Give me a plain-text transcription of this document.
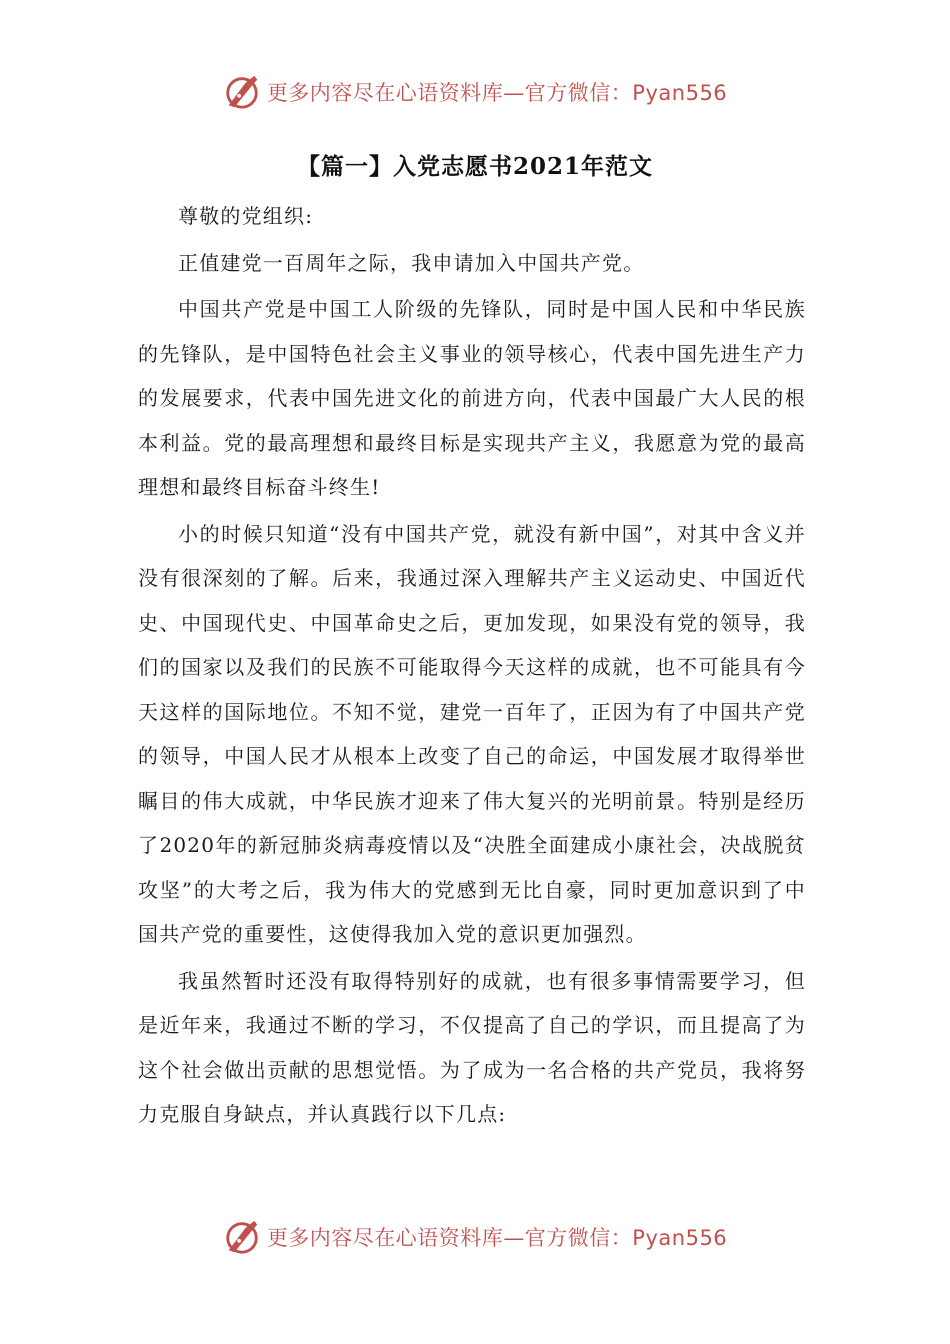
更多内容尽在心语资料库—官方微信：Pyan556
【篇一】入党志愿书2021年范文

尊敬的党组织:

正值建党一百周年之际，我申请加入中国共产党。

中国共产党是中国工人阶级的先锋队，同时是中国人民和中华民族的先锋队，是中国特色社会主义事业的领导核心，代表中国先进生产力的发展要求，代表中国先进文化的前进方向，代表中国最广大人民的根本利益。党的最高理想和最终目标是实现共产主义，我愿意为党的最高理想和最终目标奋斗终生!

小的时候只知道“没有中国共产党，就没有新中国”，对其中含义并没有很深刻的了解。后来，我通过深入理解共产主义运动史、中国近代史、中国现代史、中国革命史之后，更加发现，如果没有党的领导，我们的国家以及我们的民族不可能取得今天这样的成就，也不可能具有今天这样的国际地位。不知不觉，建党一百年了，正因为有了中国共产党的领导，中国人民才从根本上改变了自己的命运，中国发展才取得举世瞩目的伟大成就，中华民族才迎来了伟大复兴的光明前景。特别是经历了2020年的新冠肺炎病毒疫情以及“决胜全面建成小康社会，决战脱贫攻坚”的大考之后，我为伟大的党感到无比自豪，同时更加意识到了中国共产党的重要性，这使得我加入党的意识更加强烈。

我虽然暂时还没有取得特别好的成就，也有很多事情需要学习，但是近年来，我通过不断的学习，不仅提高了自己的学识，而且提高了为这个社会做出贡献的思想觉悟。为了成为一名合格的共产党员，我将努力克服自身缺点，并认真践行以下几点:

更多内容尽在心语资料库—官方微信：Pyan556
